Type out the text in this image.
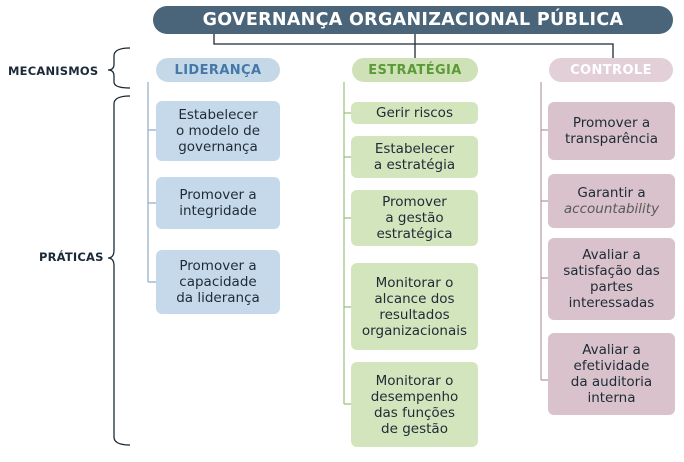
GOVERNANÇA ORGANIZACIONAL PÚBLICA
MECANISMOS
PRÁTICAS
LIDERANÇA	ESTRATÉGIA	CONTROLE
Estabelecer
o modelo de
governança
Promover a
integridade
Promover a
capacidade
da liderança
Gerir riscos
Estabelecer
a estratégia
Promover
a gestão
estratégica
Monitorar o
alcance dos
resultados
organizacionais
Monitorar o
desempenho
das funções
de gestão
Promover a
transparência
Garantir a
accountability
Avaliar a
satisfação das
partes
interessadas
Avaliar a
efetividade
da auditoria
interna
